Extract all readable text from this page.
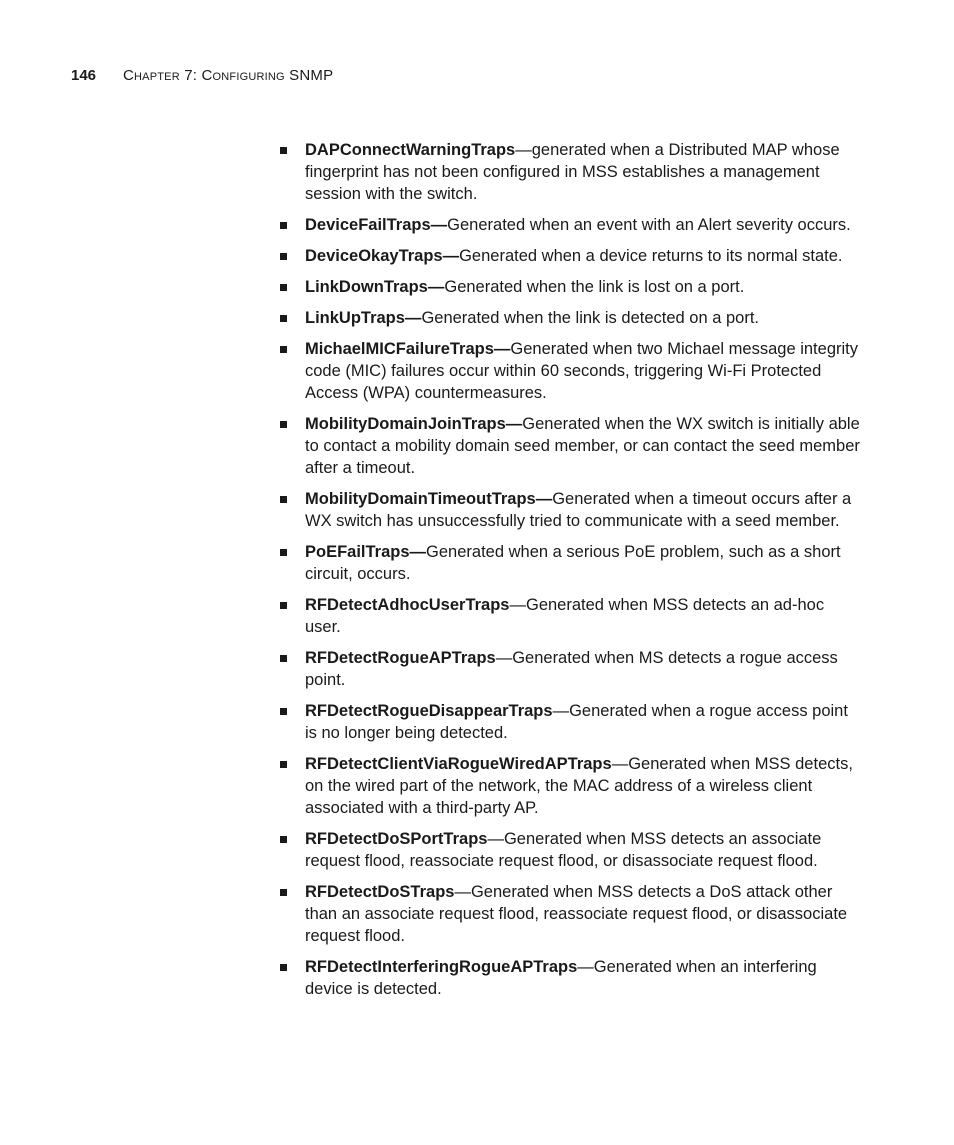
146 Chapter 7: Configuring SNMP
DAPConnectWarningTraps—generated when a Distributed MAP whose fingerprint has not been configured in MSS establishes a management session with the switch.
DeviceFailTraps—Generated when an event with an Alert severity occurs.
DeviceOkayTraps—Generated when a device returns to its normal state.
LinkDownTraps—Generated when the link is lost on a port.
LinkUpTraps—Generated when the link is detected on a port.
MichaelMICFailureTraps—Generated when two Michael message integrity code (MIC) failures occur within 60 seconds, triggering Wi-Fi Protected Access (WPA) countermeasures.
MobilityDomainJoinTraps—Generated when the WX switch is initially able to contact a mobility domain seed member, or can contact the seed member after a timeout.
MobilityDomainTimeoutTraps—Generated when a timeout occurs after a WX switch has unsuccessfully tried to communicate with a seed member.
PoEFailTraps—Generated when a serious PoE problem, such as a short circuit, occurs.
RFDetectAdhocUserTraps—Generated when MSS detects an ad-hoc user.
RFDetectRogueAPTraps—Generated when MS detects a rogue access point.
RFDetectRogueDisappearTraps—Generated when a rogue access point is no longer being detected.
RFDetectClientViaRogueWiredAPTraps—Generated when MSS detects, on the wired part of the network, the MAC address of a wireless client associated with a third-party AP.
RFDetectDoSPortTraps—Generated when MSS detects an associate request flood, reassociate request flood, or disassociate request flood.
RFDetectDoSTraps—Generated when MSS detects a DoS attack other than an associate request flood, reassociate request flood, or disassociate request flood.
RFDetectInterferingRogueAPTraps—Generated when an interfering device is detected.
